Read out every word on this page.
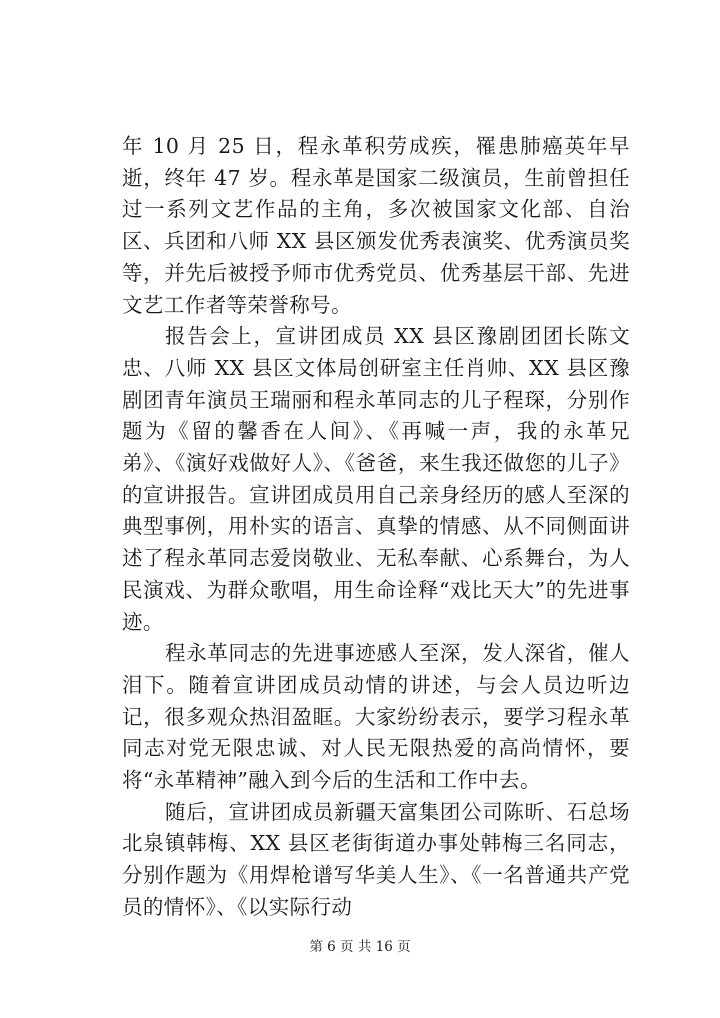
年 10 月 25 日，程永革积劳成疾，罹患肺癌英年早逝，终年 47 岁。程永革是国家二级演员，生前曾担任过一系列文艺作品的主角，多次被国家文化部、自治区、兵团和八师 XX 县区颁发优秀表演奖、优秀演员奖等，并先后被授予师市优秀党员、优秀基层干部、先进文艺工作者等荣誉称号。

报告会上，宣讲团成员 XX 县区豫剧团团长陈文忠、八师 XX 县区文体局创研室主任肖帅、XX 县区豫剧团青年演员王瑞丽和程永革同志的儿子程琛，分别作题为《留的馨香在人间》、《再喊一声，我的永革兄弟》、《演好戏做好人》、《爸爸，来生我还做您的儿子》的宣讲报告。宣讲团成员用自己亲身经历的感人至深的典型事例，用朴实的语言、真挚的情感、从不同侧面讲述了程永革同志爱岗敬业、无私奉献、心系舞台，为人民演戏、为群众歌唱，用生命诠释“戏比天大”的先进事迹。

程永革同志的先进事迹感人至深，发人深省，催人泪下。随着宣讲团成员动情的讲述，与会人员边听边记，很多观众热泪盈眶。大家纷纷表示，要学习程永革同志对党无限忠诚、对人民无限热爱的高尚情怀，要将“永革精神”融入到今后的生活和工作中去。

随后，宣讲团成员新疆天富集团公司陈昕、石总场北泉镇韩梅、XX 县区老街街道办事处韩梅三名同志，分别作题为《用焊枪谱写华美人生》、《一名普通共产党员的情怀》、《以实际行动

第 6 页 共 16 页
